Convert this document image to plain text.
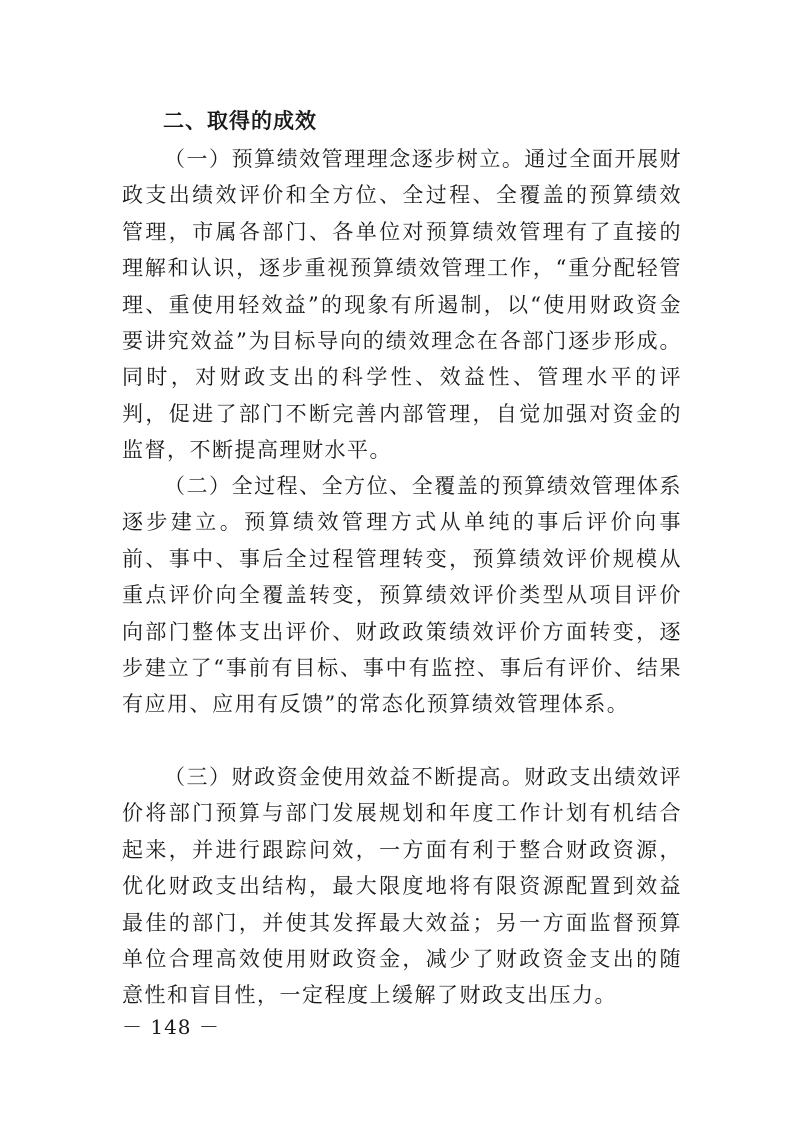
二、取得的成效

（一）预算绩效管理理念逐步树立。通过全面开展财政支出绩效评价和全方位、全过程、全覆盖的预算绩效管理，市属各部门、各单位对预算绩效管理有了直接的理解和认识，逐步重视预算绩效管理工作，“重分配轻管理、重使用轻效益”的现象有所遏制，以“使用财政资金要讲究效益”为目标导向的绩效理念在各部门逐步形成。同时，对财政支出的科学性、效益性、管理水平的评判，促进了部门不断完善内部管理，自觉加强对资金的监督，不断提高理财水平。

（二）全过程、全方位、全覆盖的预算绩效管理体系逐步建立。预算绩效管理方式从单纯的事后评价向事前、事中、事后全过程管理转变，预算绩效评价规模从重点评价向全覆盖转变，预算绩效评价类型从项目评价向部门整体支出评价、财政政策绩效评价方面转变，逐步建立了“事前有目标、事中有监控、事后有评价、结果有应用、应用有反馈”的常态化预算绩效管理体系。

（三）财政资金使用效益不断提高。财政支出绩效评价将部门预算与部门发展规划和年度工作计划有机结合起来，并进行跟踪问效，一方面有利于整合财政资源，优化财政支出结构，最大限度地将有限资源配置到效益最佳的部门，并使其发挥最大效益；另一方面监督预算单位合理高效使用财政资金，减少了财政资金支出的随意性和盲目性，一定程度上缓解了财政支出压力。

－ 148 －
